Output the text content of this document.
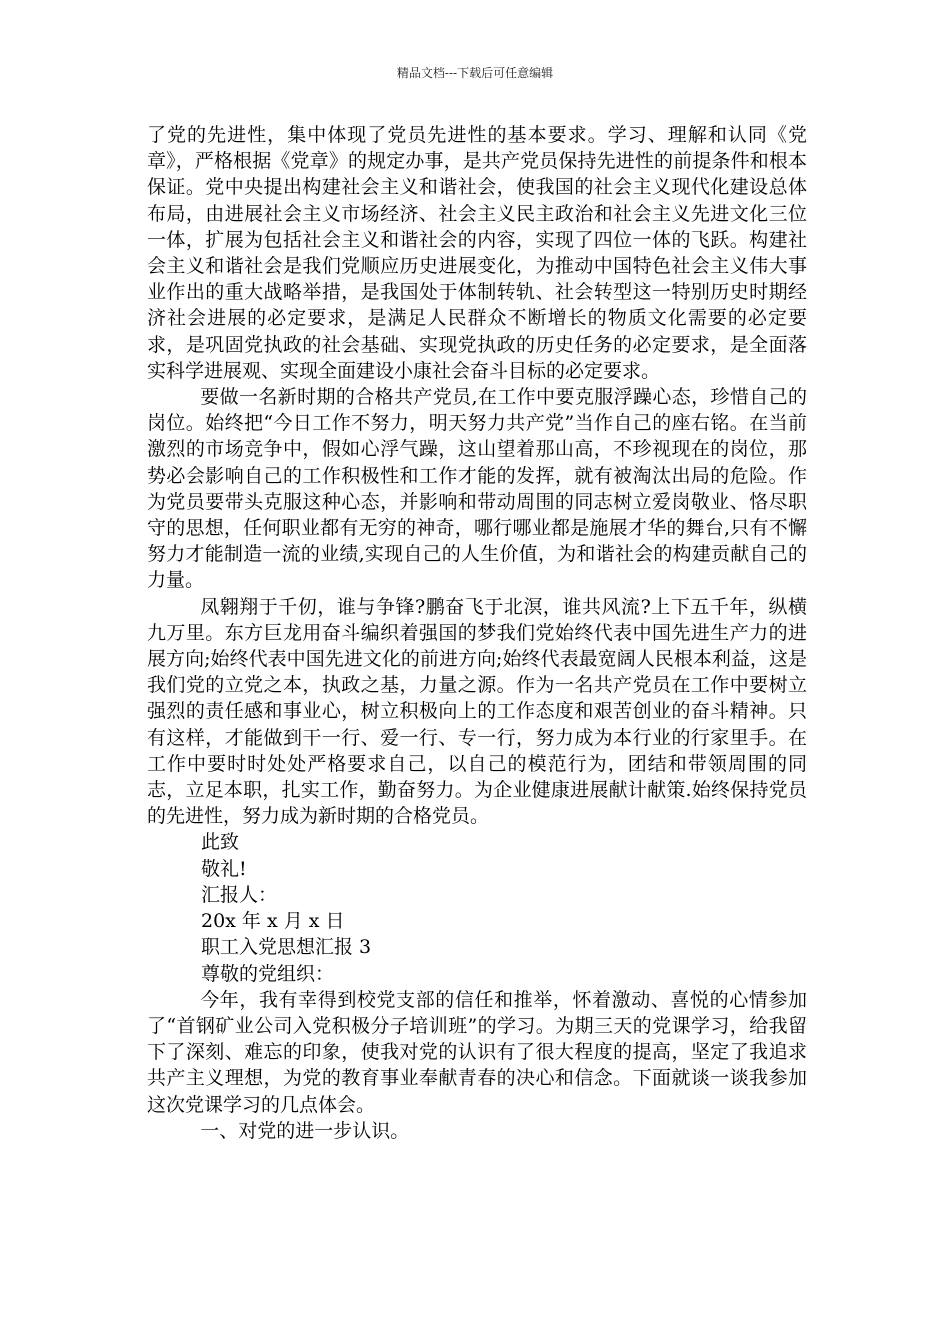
精品文档---下载后可任意编辑

了党的先进性，集中体现了党员先进性的基本要求。学习、理解和认同《党章》，严格根据《党章》的规定办事，是共产党员保持先进性的前提条件和根本保证。党中央提出构建社会主义和谐社会，使我国的社会主义现代化建设总体布局，由进展社会主义市场经济、社会主义民主政治和社会主义先进文化三位一体，扩展为包括社会主义和谐社会的内容，实现了四位一体的飞跃。构建社会主义和谐社会是我们党顺应历史进展变化，为推动中国特色社会主义伟大事业作出的重大战略举措，是我国处于体制转轨、社会转型这一特别历史时期经济社会进展的必定要求，是满足人民群众不断增长的物质文化需要的必定要求，是巩固党执政的社会基础、实现党执政的历史任务的必定要求，是全面落实科学进展观、实现全面建设小康社会奋斗目标的必定要求。

要做一名新时期的合格共产党员,在工作中要克服浮躁心态，珍惜自己的岗位。始终把“今日工作不努力，明天努力共产党”当作自己的座右铭。在当前激烈的市场竞争中，假如心浮气躁，这山望着那山高，不珍视现在的岗位，那势必会影响自己的工作积极性和工作才能的发挥，就有被淘汰出局的危险。作为党员要带头克服这种心态，并影响和带动周围的同志树立爱岗敬业、恪尽职守的思想，任何职业都有无穷的神奇，哪行哪业都是施展才华的舞台,只有不懈努力才能制造一流的业绩,实现自己的人生价值，为和谐社会的构建贡献自己的力量。

凤翱翔于千仞，谁与争锋?鹏奋飞于北溟，谁共风流?上下五千年，纵横九万里。东方巨龙用奋斗编织着强国的梦我们党始终代表中国先进生产力的进展方向;始终代表中国先进文化的前进方向;始终代表最宽阔人民根本利益，这是我们党的立党之本，执政之基，力量之源。作为一名共产党员在工作中要树立强烈的责任感和事业心，树立积极向上的工作态度和艰苦创业的奋斗精神。只有这样，才能做到干一行、爱一行、专一行，努力成为本行业的行家里手。在工作中要时时处处严格要求自己，以自己的模范行为，团结和带领周围的同志，立足本职，扎实工作，勤奋努力。为企业健康进展献计献策.始终保持党员的先进性，努力成为新时期的合格党员。

此致

敬礼!

汇报人：

20x 年 x 月 x 日

职工入党思想汇报 3

尊敬的党组织：

今年，我有幸得到校党支部的信任和推举，怀着激动、喜悦的心情参加了“首钢矿业公司入党积极分子培训班”的学习。为期三天的党课学习，给我留下了深刻、难忘的印象，使我对党的认识有了很大程度的提高，坚定了我追求共产主义理想，为党的教育事业奉献青春的决心和信念。下面就谈一谈我参加这次党课学习的几点体会。

一、对党的进一步认识。
